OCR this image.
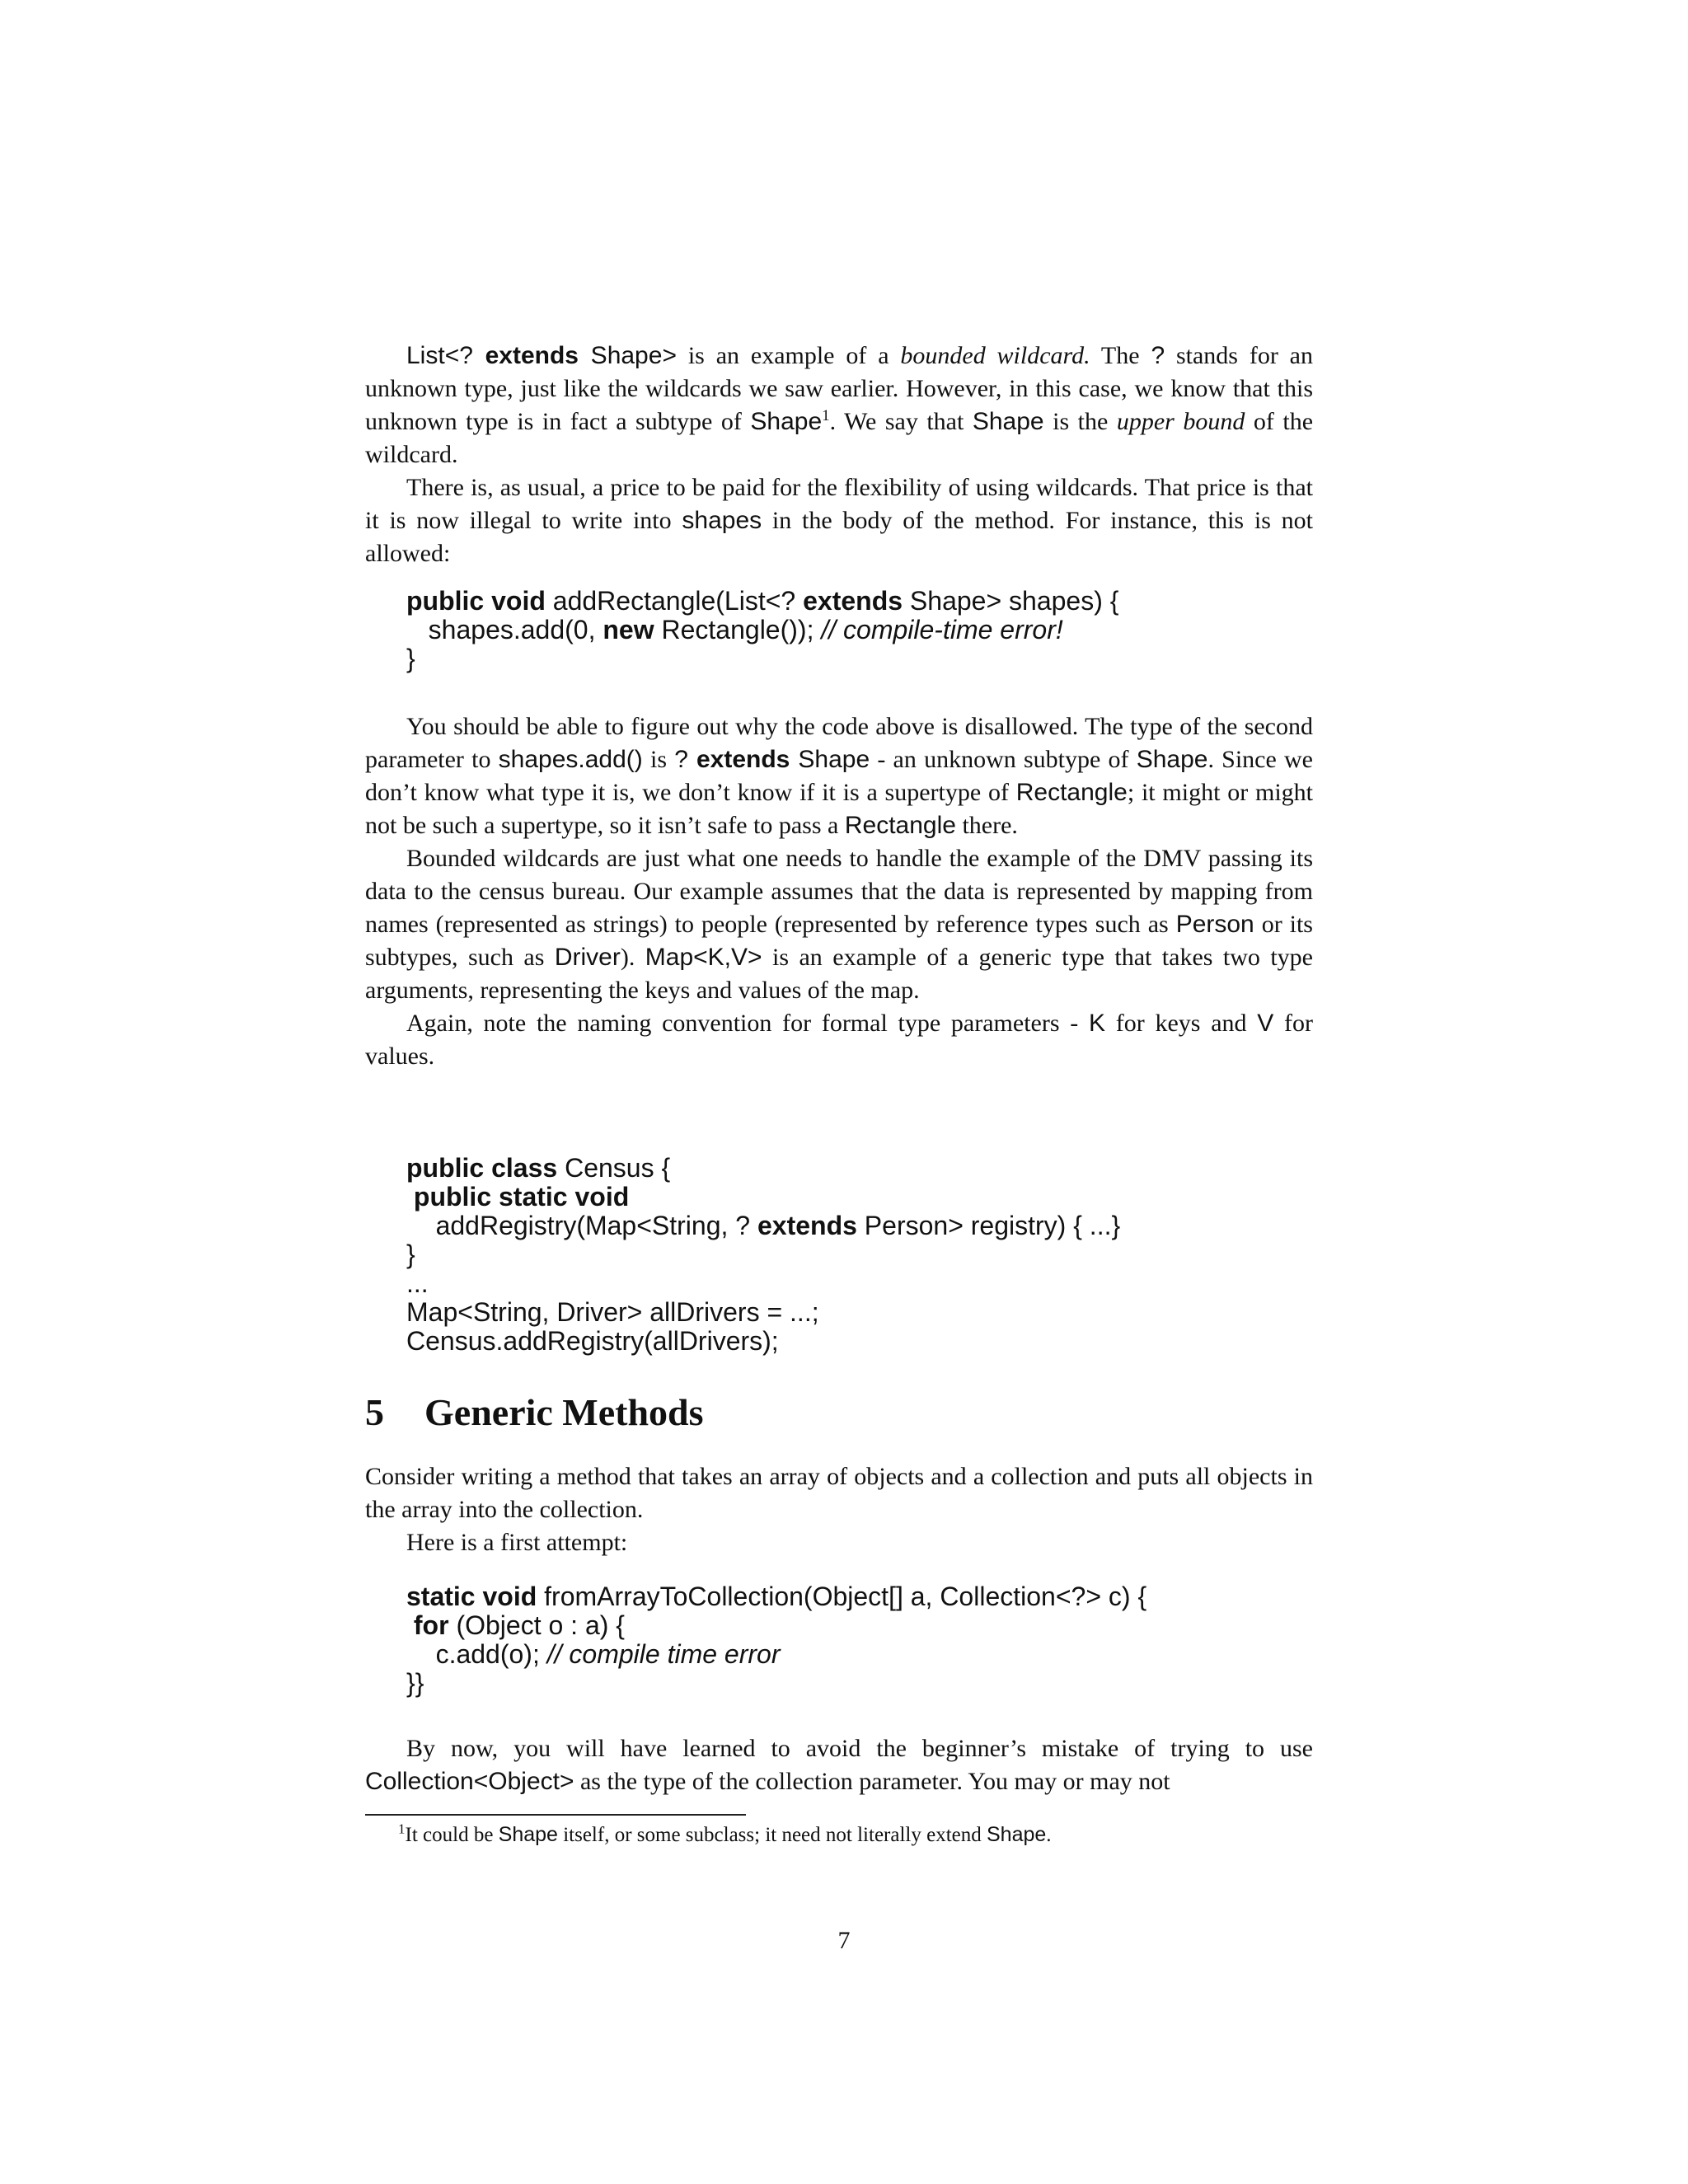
List<? extends Shape> is an example of a bounded wildcard. The ? stands for an unknown type, just like the wildcards we saw earlier. However, in this case, we know that this unknown type is in fact a subtype of Shape$^1$. We say that Shape is the upper bound of the wildcard.

There is, as usual, a price to be paid for the flexibility of using wildcards. That price is that it is now illegal to write into shapes in the body of the method. For instance, this is not allowed:

public void addRectangle(List<? extends Shape> shapes) {
shapes.add(0, new Rectangle()); // compile-time error!
}

You should be able to figure out why the code above is disallowed. The type of the second parameter to shapes.add() is ? extends Shape - an unknown subtype of Shape. Since we don’t know what type it is, we don’t know if it is a supertype of Rectangle; it might or might not be such a supertype, so it isn’t safe to pass a Rectangle there.

Bounded wildcards are just what one needs to handle the example of the DMV passing its data to the census bureau. Our example assumes that the data is represented by mapping from names (represented as strings) to people (represented by reference types such as Person or its subtypes, such as Driver). Map<K,V> is an example of a generic type that takes two type arguments, representing the keys and values of the map.

Again, note the naming convention for formal type parameters - K for keys and V for values.

public class Census {
public static void
addRegistry(Map<String, ? extends Person> registry) { ...}
}
...
Map<String, Driver> allDrivers = ...;
Census.addRegistry(allDrivers);
5 Generic Methods

Consider writing a method that takes an array of objects and a collection and puts all objects in the array into the collection.

Here is a first attempt:

static void fromArrayToCollection(Object[] a, Collection<?> c) {
for (Object o : a) {
c.add(o); // compile time error
}}

By now, you will have learned to avoid the beginner’s mistake of trying to use Collection<Object> as the type of the collection parameter. You may or may not

$^1$It could be Shape itself, or some subclass; it need not literally extend Shape.

7
